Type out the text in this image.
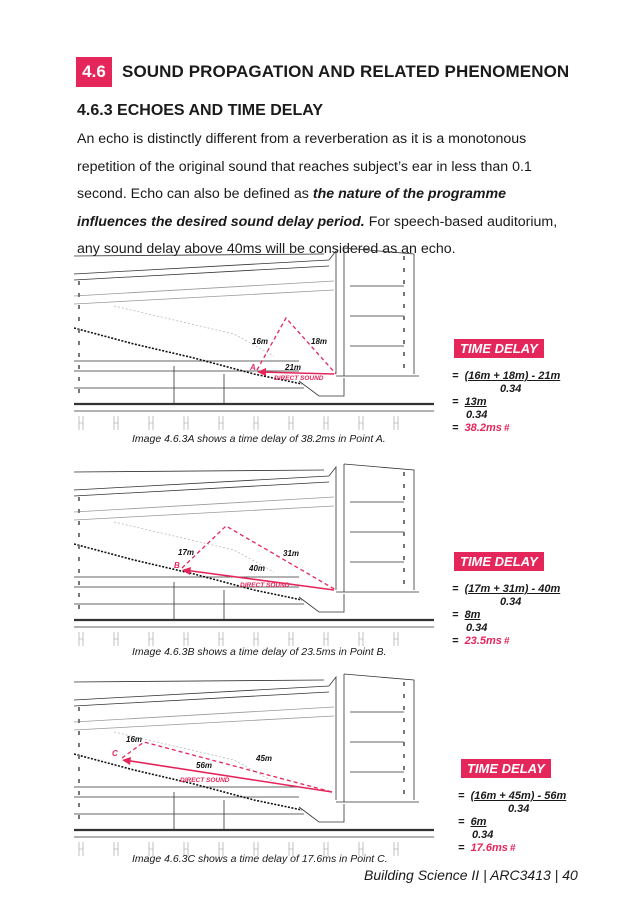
4.6 SOUND PROPAGATION AND RELATED PHENOMENON
4.6.3 ECHOES AND TIME DELAY
An echo is distinctly different from a reverberation as it is a monotonous repetition of the original sound that reaches subject’s ear in less than 0.1 second. Echo can also be defined as the nature of the programme influences the desired sound delay period. For speech-based auditorium, any sound delay above 40ms will be considered as an echo.
A
16m	18m
21m
DIRECT SOUND
Image 4.6.3A shows a time delay of 38.2ms in Point A.
TIME DELAY
= (16m + 18m) - 21m
0.34
= 13m
0.34
= 38.2ms #
B
17m	31m
40m
DIRECT SOUND
Image 4.6.3B shows a time delay of 23.5ms in Point B.
TIME DELAY
= (17m + 31m) - 40m
0.34
= 8m
0.34
= 23.5ms #
C
16m
45m
56m
DIRECT SOUND
Image 4.6.3C shows a time delay of 17.6ms in Point C.
TIME DELAY
= (16m + 45m) - 56m
0.34
= 6m
0.34
= 17.6ms #
Building Science II | ARC3413 | 40
